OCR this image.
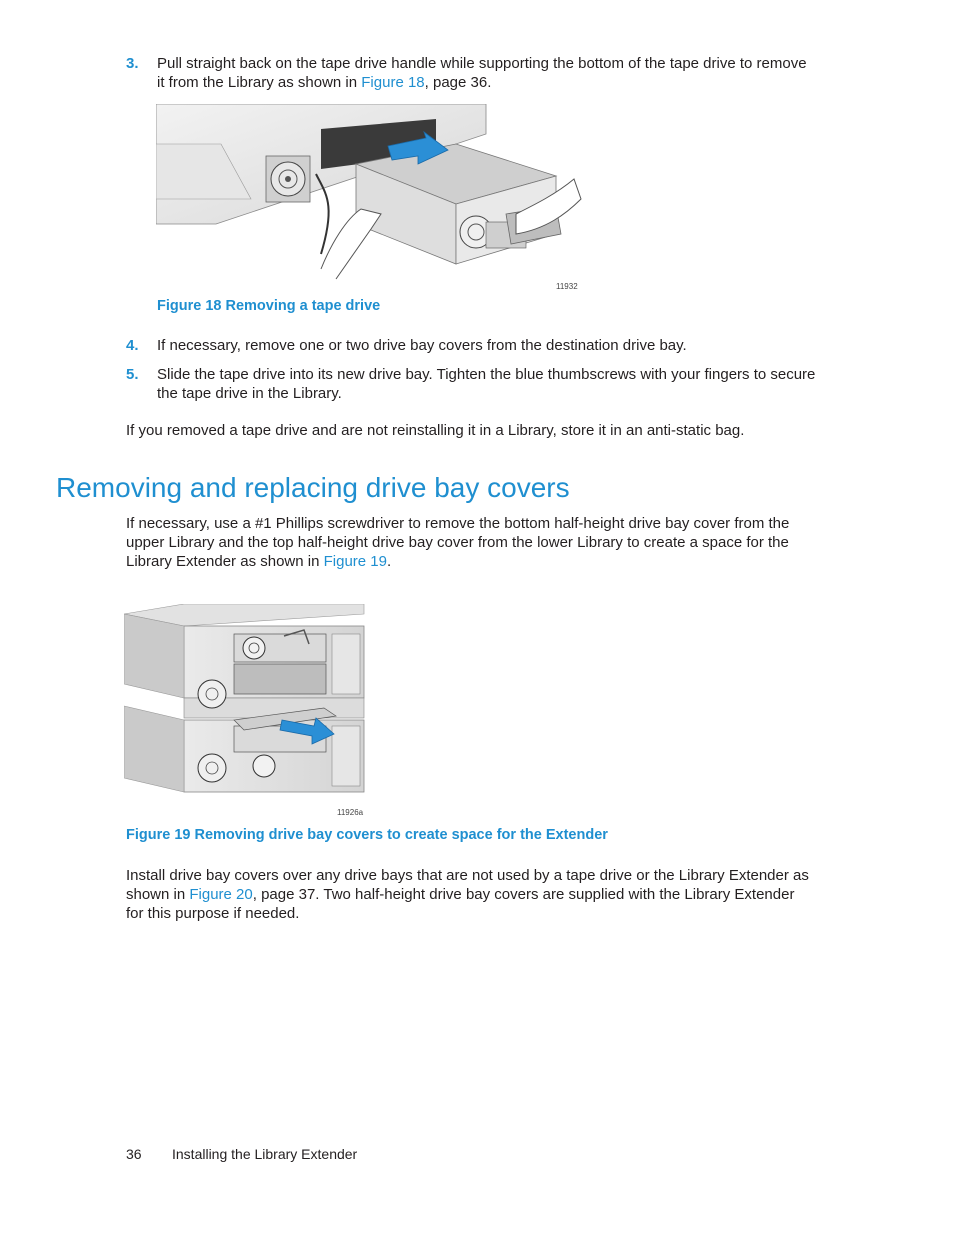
3. Pull straight back on the tape drive handle while supporting the bottom of the tape drive to remove it from the Library as shown in Figure 18, page 36.
11932
Figure 18 Removing a tape drive
4. If necessary, remove one or two drive bay covers from the destination drive bay.
5. Slide the tape drive into its new drive bay. Tighten the blue thumbscrews with your fingers to secure the tape drive in the Library.
If you removed a tape drive and are not reinstalling it in a Library, store it in an anti-static bag.
Removing and replacing drive bay covers
If necessary, use a #1 Phillips screwdriver to remove the bottom half-height drive bay cover from the upper Library and the top half-height drive bay cover from the lower Library to create a space for the Library Extender as shown in Figure 19.
11926a
Figure 19 Removing drive bay covers to create space for the Extender
Install drive bay covers over any drive bays that are not used by a tape drive or the Library Extender as shown in Figure 20, page 37. Two half-height drive bay covers are supplied with the Library Extender for this purpose if needed.
36 Installing the Library Extender
